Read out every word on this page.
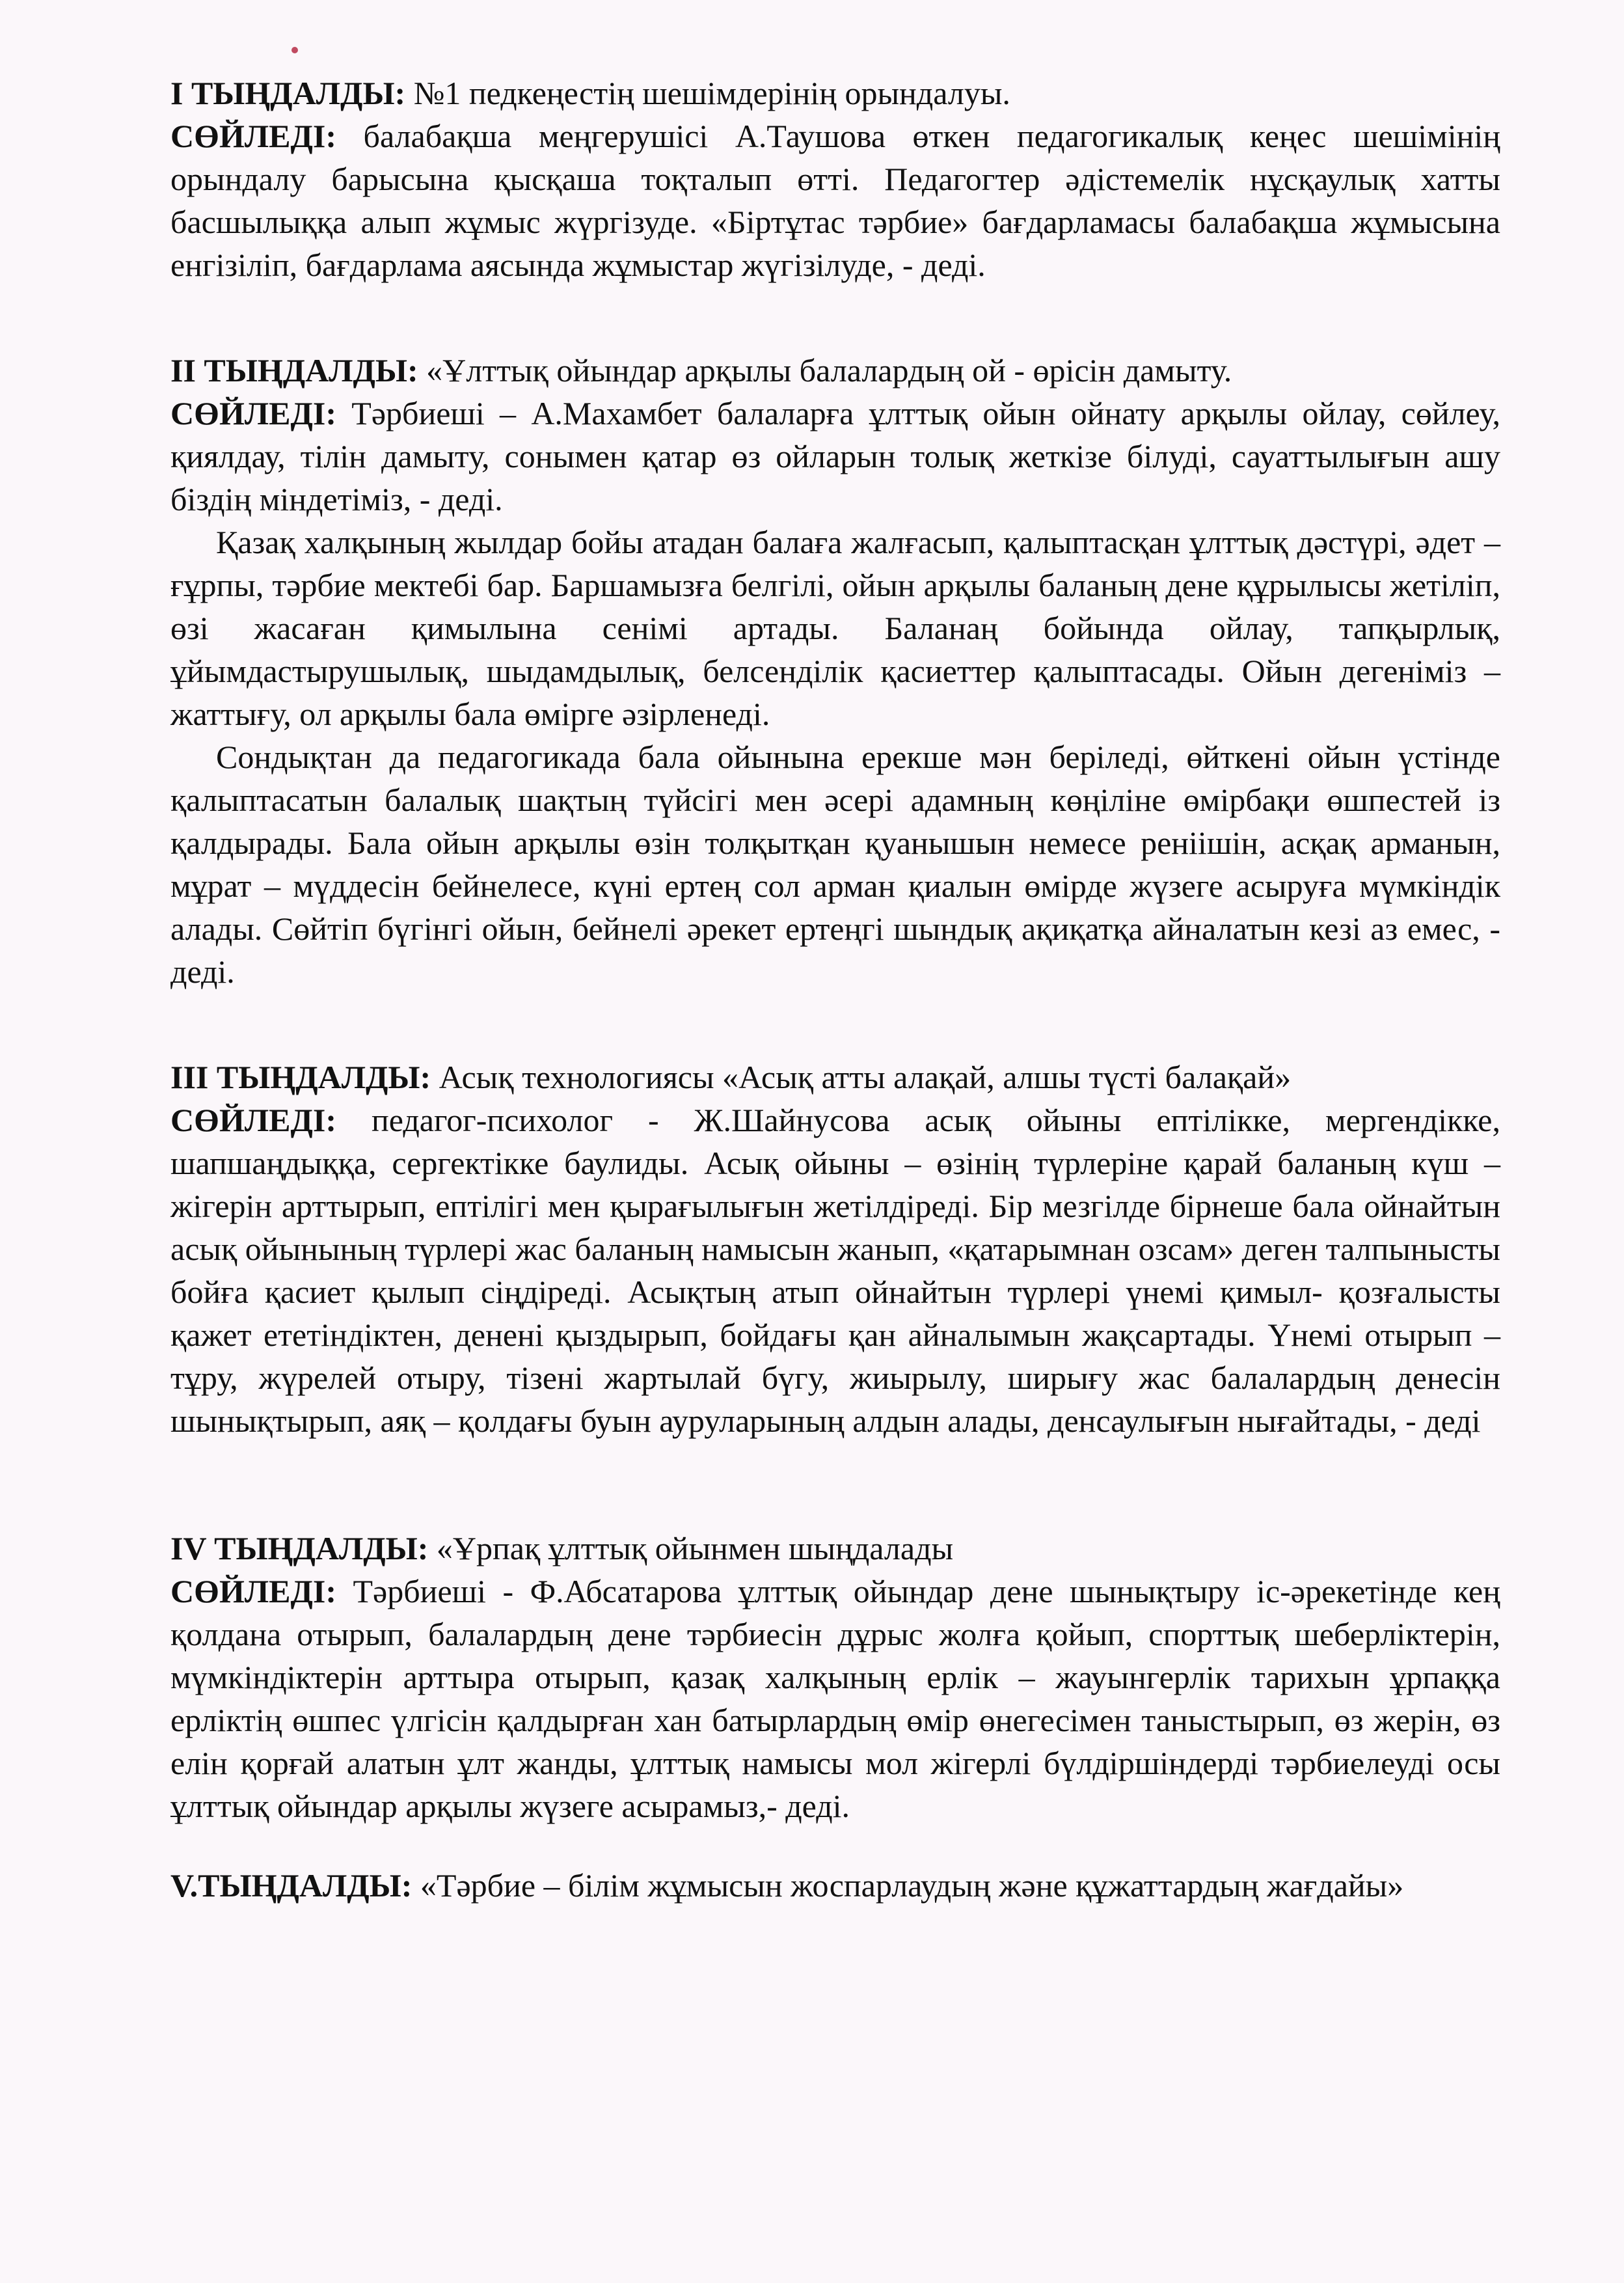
I ТЫҢДАЛДЫ: №1 педкеңестің шешімдерінің орындалуы.

СӨЙЛЕДІ: балабақша меңгерушісі А.Таушова өткен педагогикалық кеңес шешімінің орындалу барысына қысқаша тоқталып өтті. Педагогтер әдістемелік нұсқаулық хатты басшылыққа алып жұмыс жүргізуде. «Біртұтас тәрбие» бағдарламасы балабақша жұмысына енгізіліп, бағдарлама аясында жұмыстар жүгізілуде, - деді.

II ТЫҢДАЛДЫ: «Ұлттық ойындар арқылы балалардың ой - өрісін дамыту.

СӨЙЛЕДІ: Тәрбиеші – А.Махамбет балаларға ұлттық ойын ойнату арқылы ойлау, сөйлеу, қиялдау, тілін дамыту, сонымен қатар өз ойларын толық жеткізе білуді, сауаттылығын ашу біздің міндетіміз, - деді.

Қазақ халқының жылдар бойы атадан балаға жалғасып, қалыптасқан ұлттық дәстүрі, әдет – ғұрпы, тәрбие мектебі бар. Баршамызға белгілі, ойын арқылы баланың дене құрылысы жетіліп, өзі жасаған қимылына сенімі артады. Баланаң бойында ойлау, тапқырлық, ұйымдастырушылық, шыдамдылық, белсенділік қасиеттер қалыптасады. Ойын дегеніміз – жаттығу, ол арқылы бала өмірге әзірленеді.

Сондықтан да педагогикада бала ойынына ерекше мән беріледі, өйткені ойын үстінде қалыптасатын балалық шақтың түйсігі мен әсері адамның көңіліне өмірбақи өшпестей із қалдырады. Бала ойын арқылы өзін толқытқан қуанышын немесе реніішін, асқақ арманын, мұрат – мүддесін бейнелесе, күні ертең сол арман қиалын өмірде жүзеге асыруға мүмкіндік алады. Сөйтіп бүгінгі ойын, бейнелі әрекет ертеңгі шындық ақиқатқа айналатын кезі аз емес, - деді.

III ТЫҢДАЛДЫ: Асық технологиясы «Асық атты алақай, алшы түсті балақай»

СӨЙЛЕДІ: педагог-психолог - Ж.Шайнусова асық ойыны ептілікке, мергендікке, шапшаңдыққа, сергектікке баулиды. Асық ойыны – өзінің түрлеріне қарай баланың күш – жігерін арттырып, ептілігі мен қырағылығын жетілдіреді. Бір мезгілде бірнеше бала ойнайтын асық ойынының түрлері жас баланың намысын жанып, «қатарымнан озсам» деген талпынысты бойға қасиет қылып сіңдіреді. Асықтың атып ойнайтын түрлері үнемі қимыл- қозғалысты қажет ететіндіктен, денені қыздырып, бойдағы қан айналымын жақсартады. Үнемі отырып – тұру, жүрелей отыру, тізені жартылай бүгу, жиырылу, ширығу жас балалардың денесін шынықтырып, аяқ – қолдағы буын ауруларының алдын алады, денсаулығын нығайтады, - деді

IV ТЫҢДАЛДЫ: «Ұрпақ ұлттық ойынмен шыңдалады

СӨЙЛЕДІ: Тәрбиеші - Ф.Абсатарова ұлттық ойындар дене шынықтыру іс-әрекетінде кең қолдана отырып, балалардың дене тәрбиесін дұрыс жолға қойып, спорттық шеберліктерін, мүмкіндіктерін арттыра отырып, қазақ халқының ерлік – жауынгерлік тарихын ұрпаққа ерліктің өшпес үлгісін қалдырған хан батырлардың өмір өнегесімен таныстырып, өз жерін, өз елін қорғай алатын ұлт жанды, ұлттық намысы мол жігерлі бүлдіршіндерді тәрбиелеуді осы ұлттық ойындар арқылы жүзеге асырамыз,- деді.

V.ТЫҢДАЛДЫ: «Тәрбие – білім жұмысын жоспарлаудың және құжаттардың жағдайы»
